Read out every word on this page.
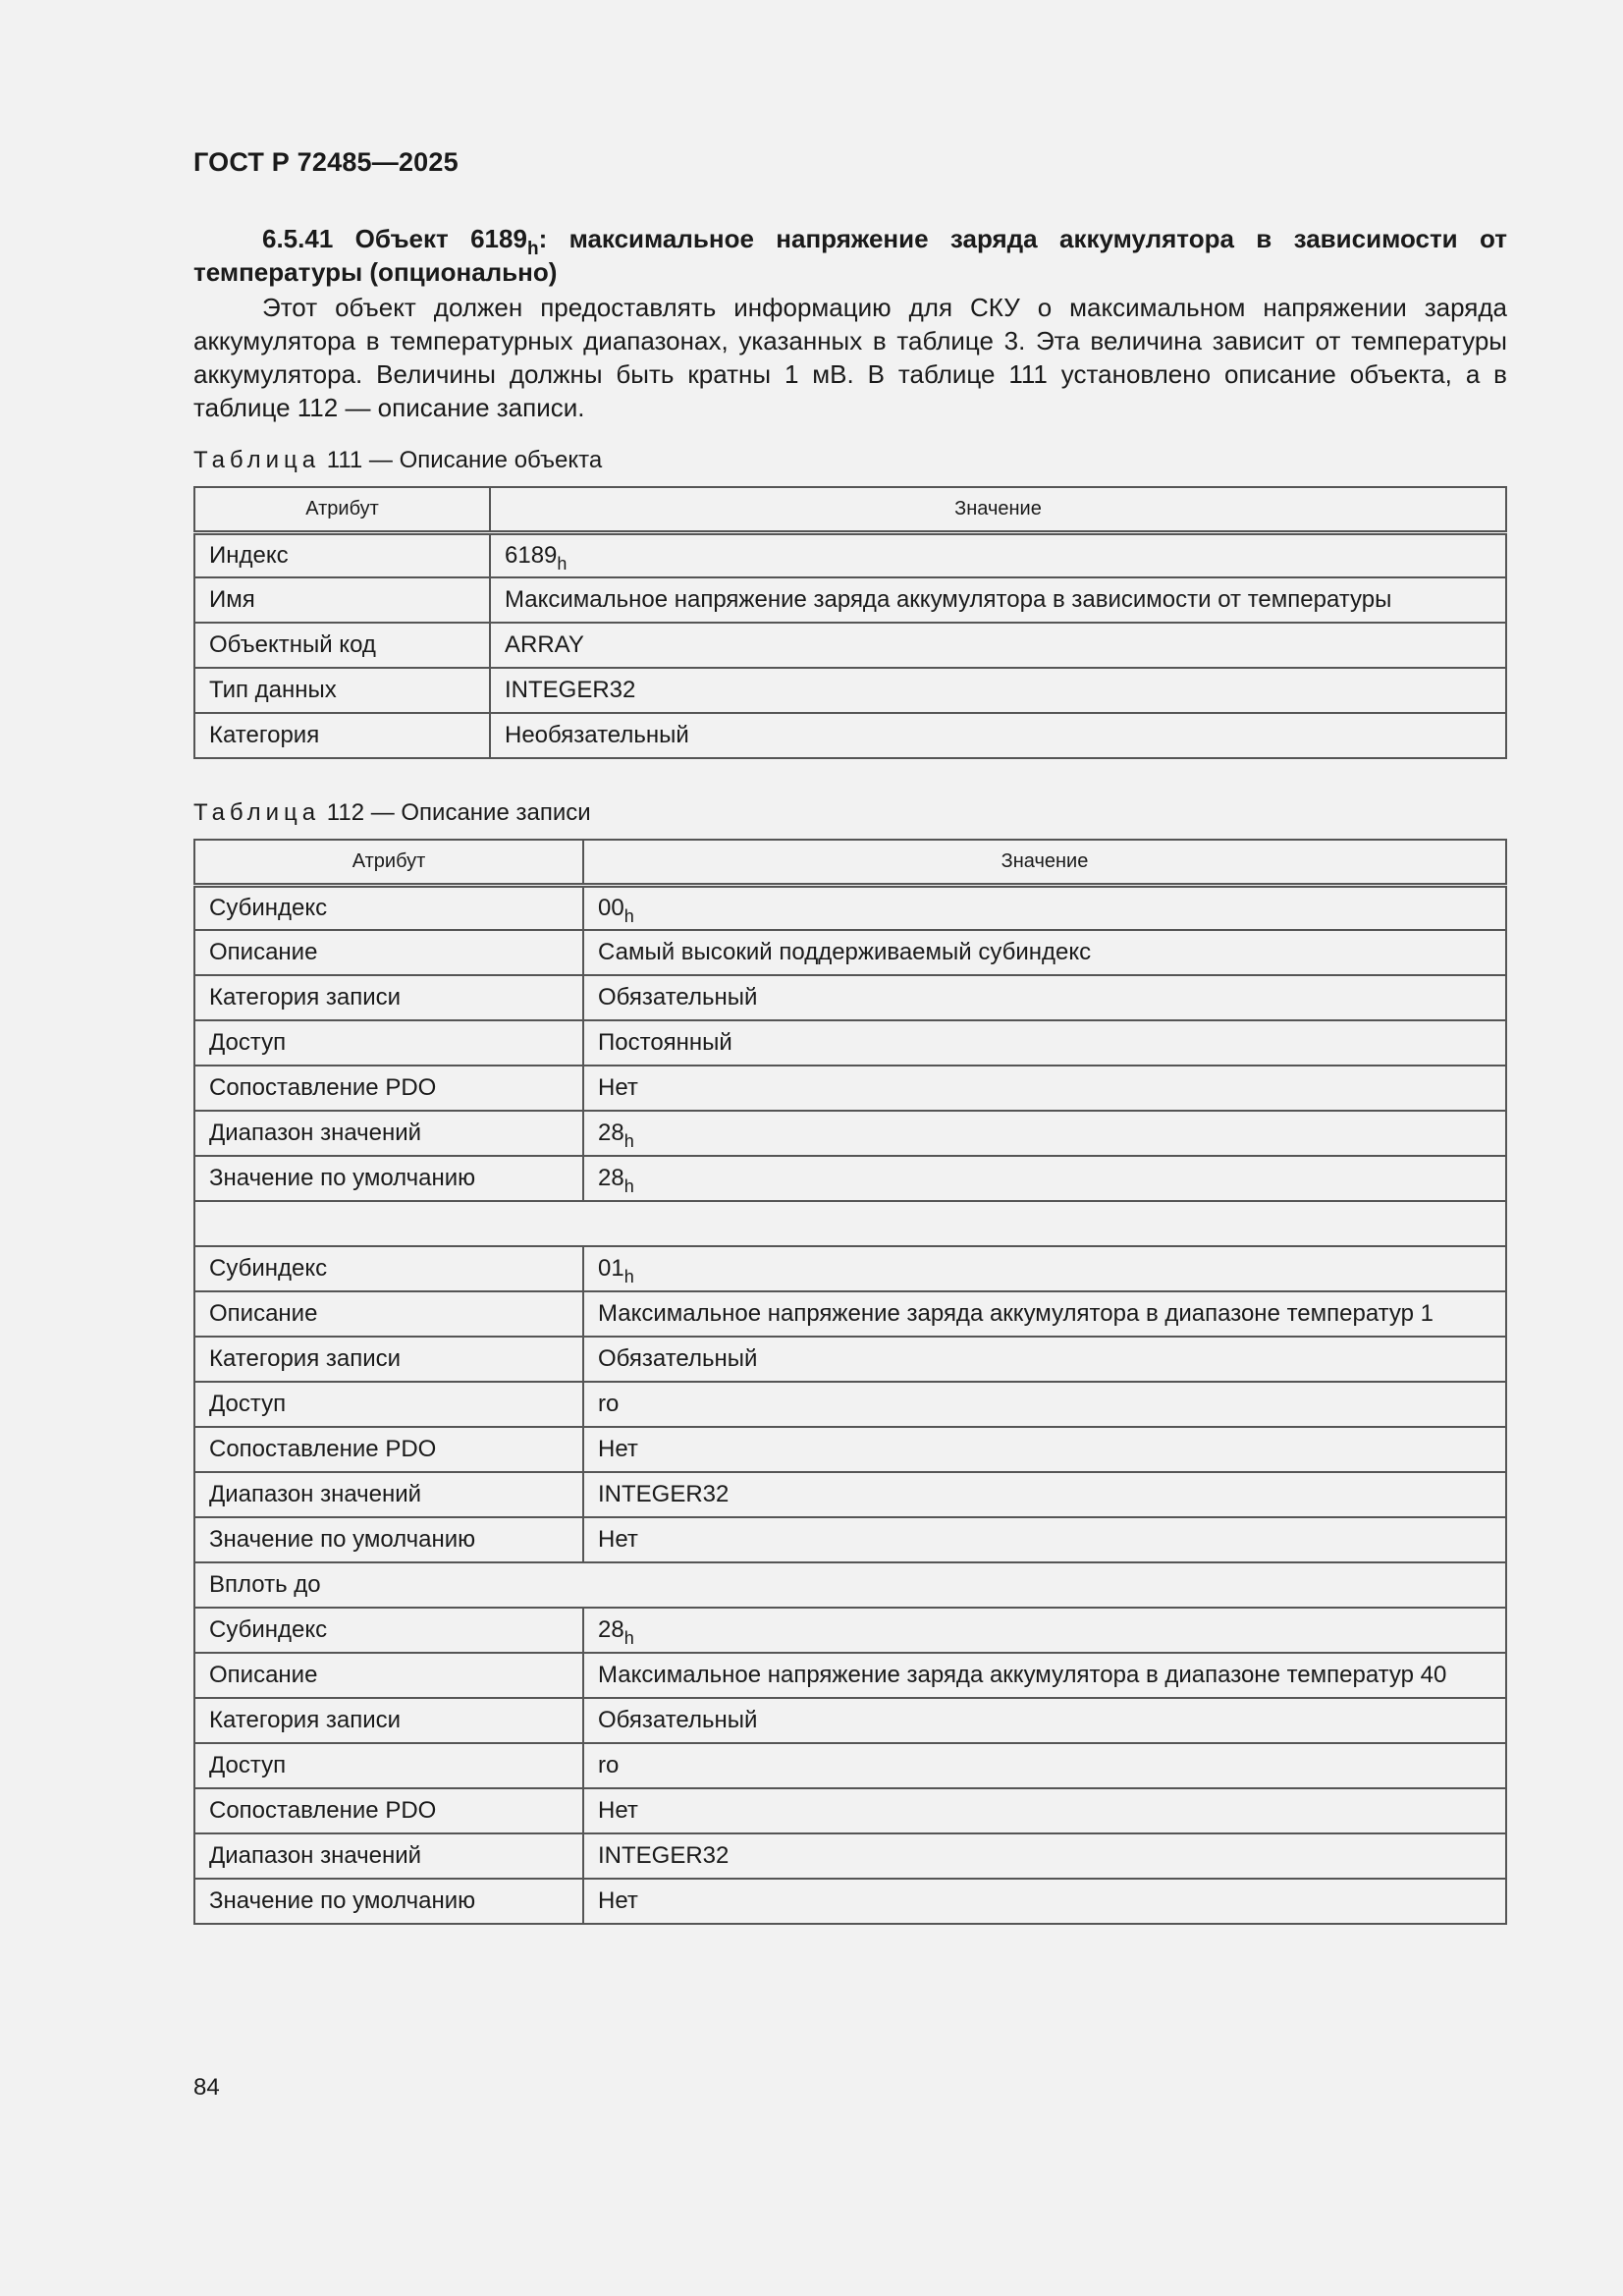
ГОСТ Р 72485—2025
6.5.41 Объект $6189_h$: максимальное напряжение заряда аккумулятора в зависимости от температуры (опционально)
Этот объект должен предоставлять информацию для СКУ о максимальном напряжении заряда аккумулятора в температурных диапазонах, указанных в таблице 3. Эта величина зависит от температуры аккумулятора. Величины должны быть кратны 1 мВ. В таблице 111 установлено описание объекта, а в таблице 112 — описание записи.
Таблица 111 — Описание объекта
Атрибут	Значение
Индекс	$6189_h$
Имя	Максимальное напряжение заряда аккумулятора в зависимости от температуры
Объектный код	ARRAY
Тип данных	INTEGER32
Категория	Необязательный
Таблица 112 — Описание записи
Атрибут	Значение
Субиндекс	$00_h$
Описание	Самый высокий поддерживаемый субиндекс
Категория записи	Обязательный
Доступ	Постоянный
Сопоставление PDO	Нет
Диапазон значений	$28_h$
Значение по умолчанию	$28_h$

Субиндекс	$01_h$
Описание	Максимальное напряжение заряда аккумулятора в диапазоне температур 1
Категория записи	Обязательный
Доступ	ro
Сопоставление PDO	Нет
Диапазон значений	INTEGER32
Значение по умолчанию	Нет
Вплоть до	
Субиндекс	$28_h$
Описание	Максимальное напряжение заряда аккумулятора в диапазоне температур 40
Категория записи	Обязательный
Доступ	ro
Сопоставление PDO	Нет
Диапазон значений	INTEGER32
Значение по умолчанию	Нет
84
